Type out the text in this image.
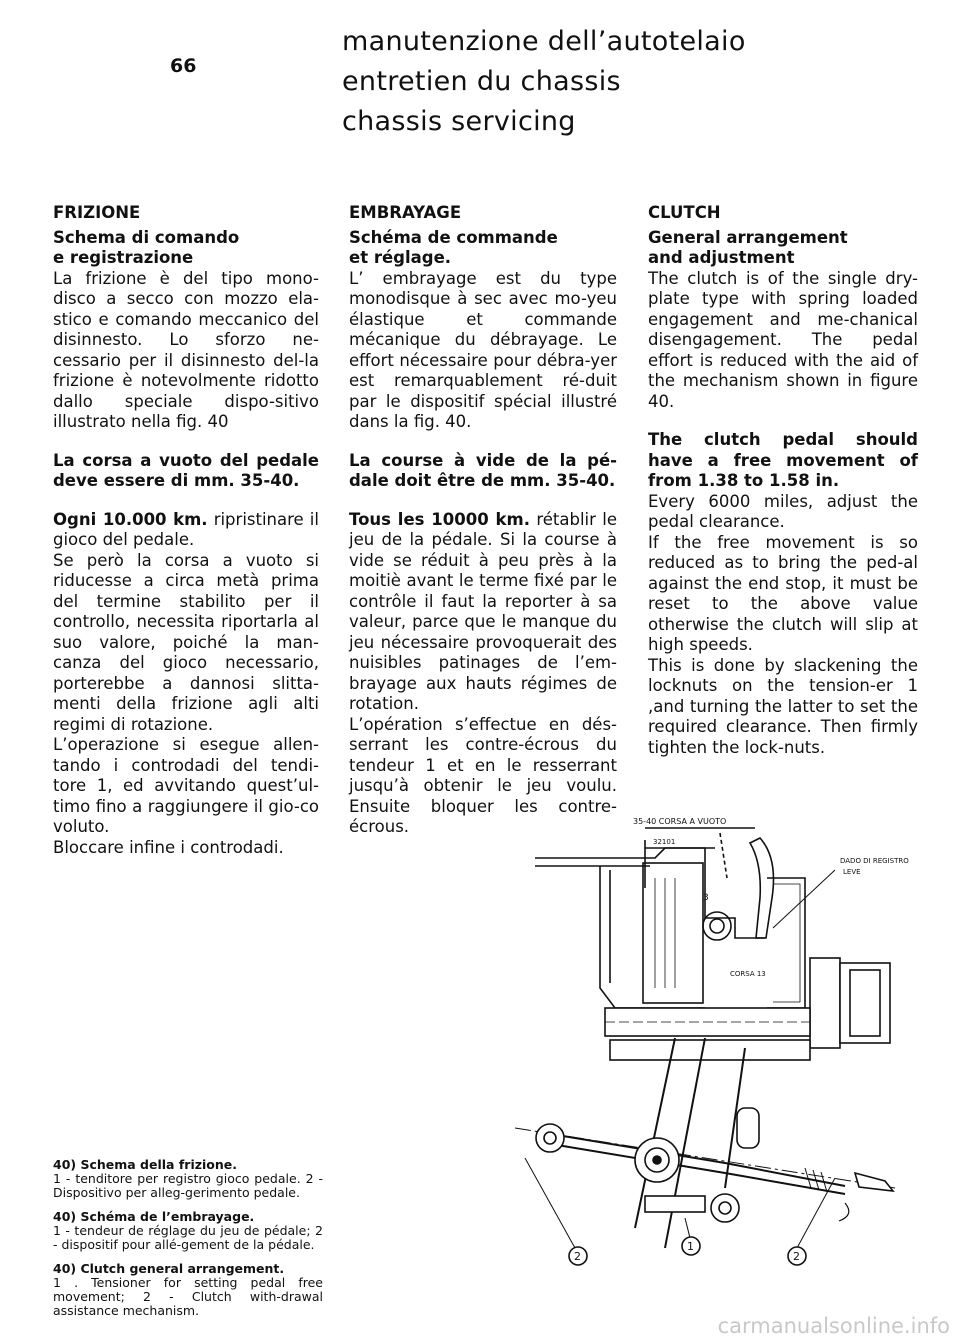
66
manutenzione dell’autotelaio
entretien du chassis
chassis servicing

FRIZIONE

Schema di comando

e registrazione

La frizione è del tipo mono-disco a secco con mozzo ela-stico e comando meccanico del disinnesto. Lo sforzo ne-cessario per il disinnesto del-la frizione è notevolmente ridotto dallo speciale dispo-sitivo illustrato nella fig. 40

La corsa a vuoto del pedale deve essere di mm. 35-40.

Ogni 10.000 km. ripristinare il gioco del pedale.

Se però la corsa a vuoto si riducesse a circa metà prima del termine stabilito per il controllo, necessita riportarla al suo valore, poiché la man-canza del gioco necessario, porterebbe a dannosi slitta-menti della frizione agli alti regimi di rotazione.

L’operazione si esegue allen-tando i controdadi del tendi-tore 1, ed avvitando quest’ul-timo fino a raggiungere il gio-co voluto.

Bloccare infine i controdadi.

EMBRAYAGE

Schéma de commande

et réglage.

L’ embrayage est du type monodisque à sec avec mo-yeu élastique et commande mécanique du débrayage. Le effort nécessaire pour débra-yer est remarquablement ré-duit par le dispositif spécial illustré dans la fig. 40.

La course à vide de la pé-dale doit être de mm. 35-40.

Tous les 10000 km. rétablir le jeu de la pédale. Si la course à vide se réduit à peu près à la moitiè avant le terme fixé par le contrôle il faut la reporter à sa valeur, parce que le manque du jeu nécessaire provoquerait des nuisibles patinages de l’em-brayage aux hauts régimes de rotation.

L’opération s’effectue en dés-serrant les contre-écrous du tendeur 1 et en le resserrant jusqu’à obtenir le jeu voulu. Ensuite bloquer les contre-écrous.

CLUTCH

General arrangement

and adjustment

The clutch is of the single dry-plate type with spring loaded engagement and me-chanical disengagement. The pedal effort is reduced with the aid of the mechanism shown in figure 40.

The clutch pedal should have a free movement of from 1.38 to 1.58 in.

Every 6000 miles, adjust the pedal clearance.

If the free movement is so reduced as to bring the ped-al against the end stop, it must be reset to the above value otherwise the clutch will slip at high speeds.

This is done by slackening the locknuts on the tension-er 1 ,and turning the latter to set the required clearance. Then firmly tighten the lock-nuts.

40) Schema della frizione.

1 - tenditore per registro gioco pedale. 2 - Dispositivo per alleg-gerimento pedale.

40) Schéma de l’embrayage.

1 - tendeur de réglage du jeu de pédale; 2 - dispositif pour allé-gement de la pédale.

40) Clutch general arrangement.

1 . Tensioner for setting pedal free movement; 2 - Clutch with-drawal assistance mechanism.

35-40 CORSA A VUOTO
32101
3
DADO DI REGISTRO
LEVE
CORSA 13
2
1
2
carmanualsonline.info
